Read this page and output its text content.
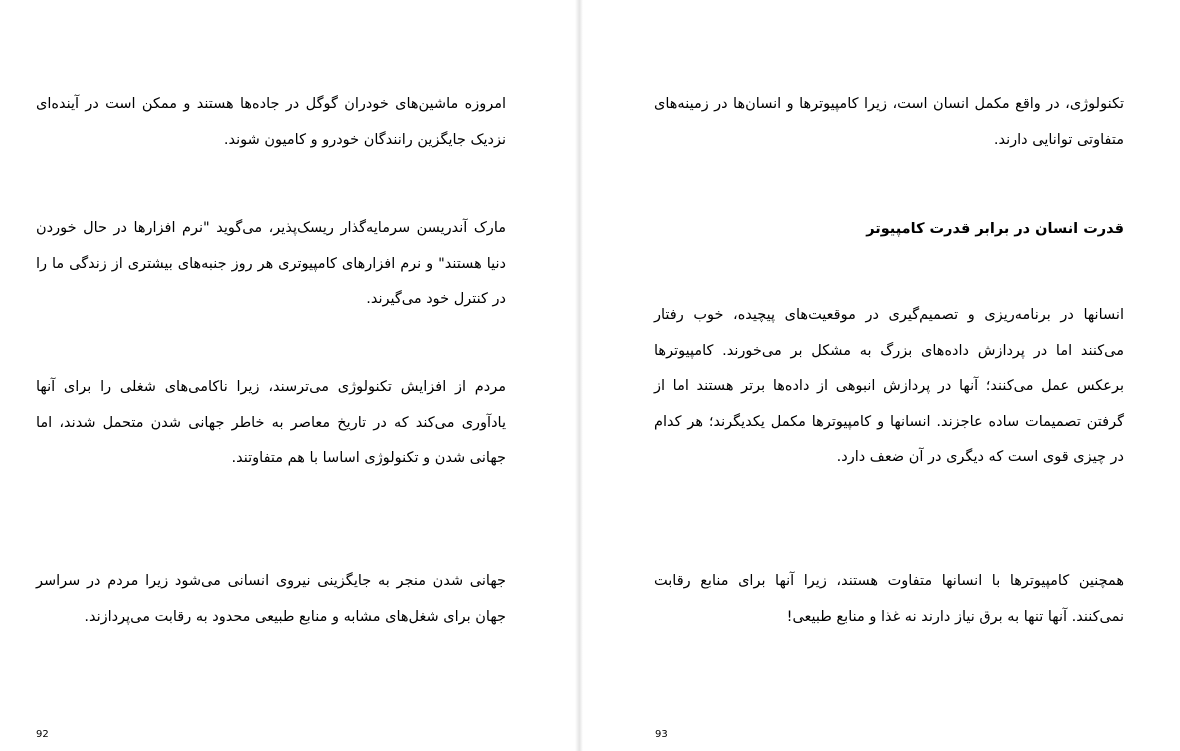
امروزه ماشین‌های خودران گوگل در جاده‌ها هستند و ممکن است در آینده‌ای نزدیک جایگزین رانندگان خودرو و کامیون شوند.

مارک آندریسن سرمایه‌گذار ریسک‌پذیر، می‌گوید "نرم افزارها در حال خوردن دنیا هستند" و نرم افزارهای کامپیوتری هر روز جنبه‌های بیشتری از زندگی ما را در کنترل خود می‌گیرند.

مردم از افزایش تکنولوژی می‌ترسند، زیرا ناکامی‌های شغلی را برای آنها یادآوری می‌کند که در تاریخ معاصر به خاطر جهانی شدن متحمل شدند، اما جهانی شدن و تکنولوژی اساسا با هم متفاوتند.

جهانی شدن منجر به جایگزینی نیروی انسانی می‌شود زیرا مردم در سراسر جهان برای شغل‌های مشابه و منابع طبیعی محدود به رقابت می‌پردازند.

92

تکنولوژی، در واقع مکمل انسان است، زیرا کامپیوترها و انسان‌ها در زمینه‌های متفاوتی توانایی دارند.

قدرت انسان در برابر قدرت کامپیوتر

انسانها در برنامه‌ریزی و تصمیم‌گیری در موقعیت‌های پیچیده، خوب رفتار می‌کنند اما در پردازش داده‌های بزرگ به مشکل بر می‌خورند. کامپیوترها برعکس عمل می‌کنند؛ آنها در پردازش انبوهی از داده‌ها برتر هستند اما از گرفتن تصمیمات ساده عاجزند. انسانها و کامپیوترها مکمل یکدیگرند؛ هر کدام در چیزی قوی است که دیگری در آن ضعف دارد.

همچنین کامپیوترها با انسانها متفاوت هستند، زیرا آنها برای منابع رقابت نمی‌کنند. آنها تنها به برق نیاز دارند نه غذا و منابع طبیعی!

93
